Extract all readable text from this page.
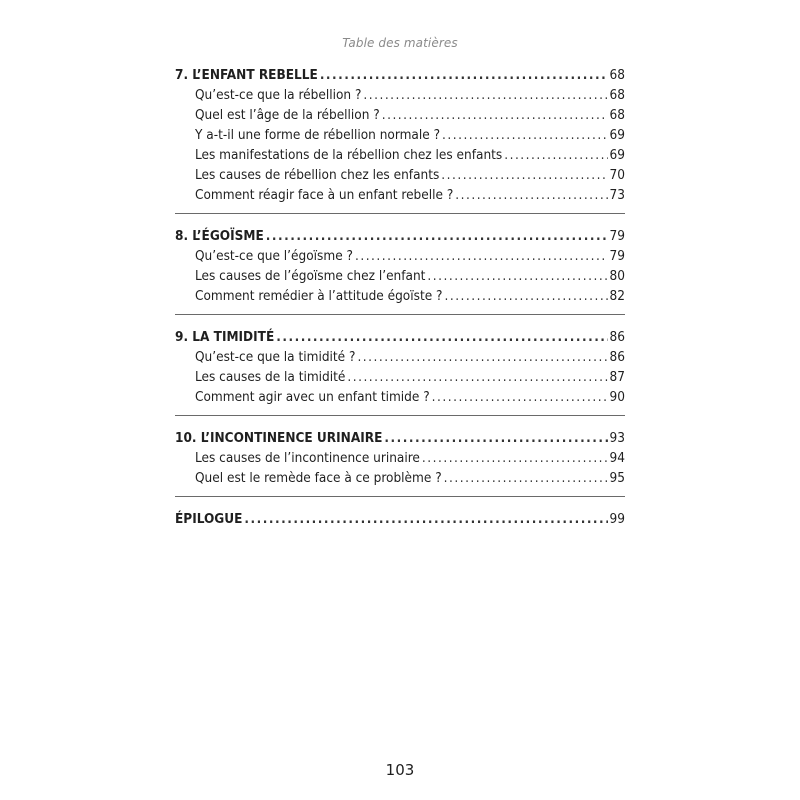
Table des matières
7. L’ENFANT REBELLE .....	68
Qu’est-ce que la rébellion ? .....	68
Quel est l’âge de la rébellion ? .....	68
Y a-t-il une forme de rébellion normale ? .....	69
Les manifestations de la rébellion chez les enfants .....	69
Les causes de rébellion chez les enfants .....	70
Comment réagir face à un enfant rebelle ? .....	73
8. L’ÉGOÏSME .....	79
Qu’est-ce que l’égoïsme ? .....	79
Les causes de l’égoïsme chez l’enfant .....	80
Comment remédier à l’attitude égoïste ? .....	82
9. LA TIMIDITÉ .....	86
Qu’est-ce que la timidité ? .....	86
Les causes de la timidité .....	87
Comment agir avec un enfant timide ? .....	90
10. L’INCONTINENCE URINAIRE .....	93
Les causes de l’incontinence urinaire .....	94
Quel est le remède face à ce problème ? .....	95
ÉPILOGUE .....	99
103
